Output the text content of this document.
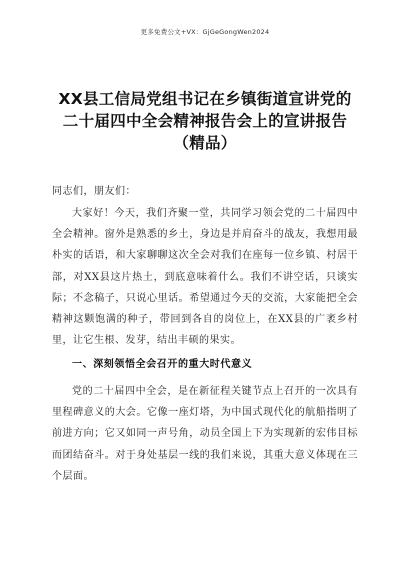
更多免费公文+VX：GjGeGongWen2024
XX县工信局党组书记在乡镇街道宣讲党的二十届四中全会精神报告会上的宣讲报告（精品）
同志们，朋友们：
大家好！今天，我们齐聚一堂，共同学习领会党的二十届四中全会精神。窗外是熟悉的乡土，身边是并肩奋斗的战友，我想用最朴实的话语，和大家聊聊这次全会对我们在座每一位乡镇、村居干部，对XX县这片热土，到底意味着什么。我们不讲空话，只谈实际；不念稿子，只说心里话。希望通过今天的交流，大家能把全会精神这颗饱满的种子，带回到各自的岗位上，在XX县的广袤乡村里，让它生根、发芽，结出丰硕的果实。
一、深刻领悟全会召开的重大时代意义
党的二十届四中全会，是在新征程关键节点上召开的一次具有里程碑意义的大会。它像一座灯塔，为中国式现代化的航船指明了前进方向；它又如同一声号角，动员全国上下为实现新的宏伟目标而团结奋斗。对于身处基层一线的我们来说，其重大意义体现在三个层面。
